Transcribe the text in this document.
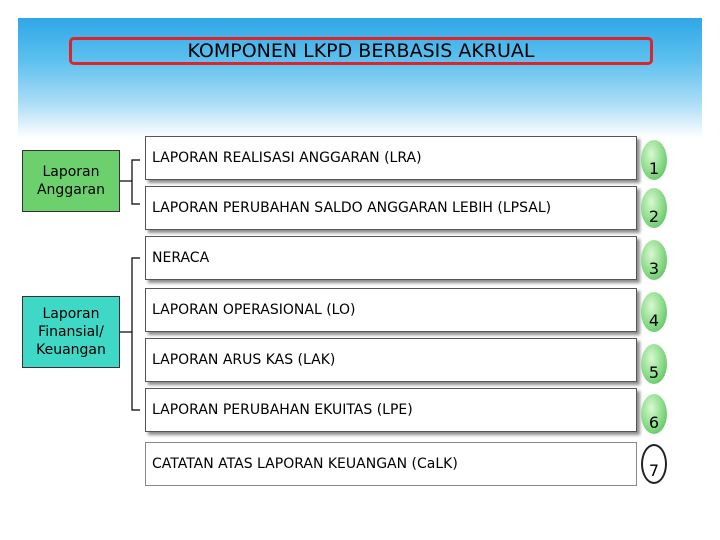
KOMPONEN LKPD BERBASIS AKRUAL
Laporan
Anggaran
Laporan
Finansial/
Keuangan
LAPORAN REALISASI ANGGARAN (LRA)
LAPORAN PERUBAHAN SALDO ANGGARAN LEBIH (LPSAL)
NERACA
LAPORAN OPERASIONAL (LO)
LAPORAN ARUS KAS (LAK)
LAPORAN PERUBAHAN EKUITAS (LPE)
CATATAN ATAS LAPORAN KEUANGAN (CaLK)
1
2
3
4
5
6
7
